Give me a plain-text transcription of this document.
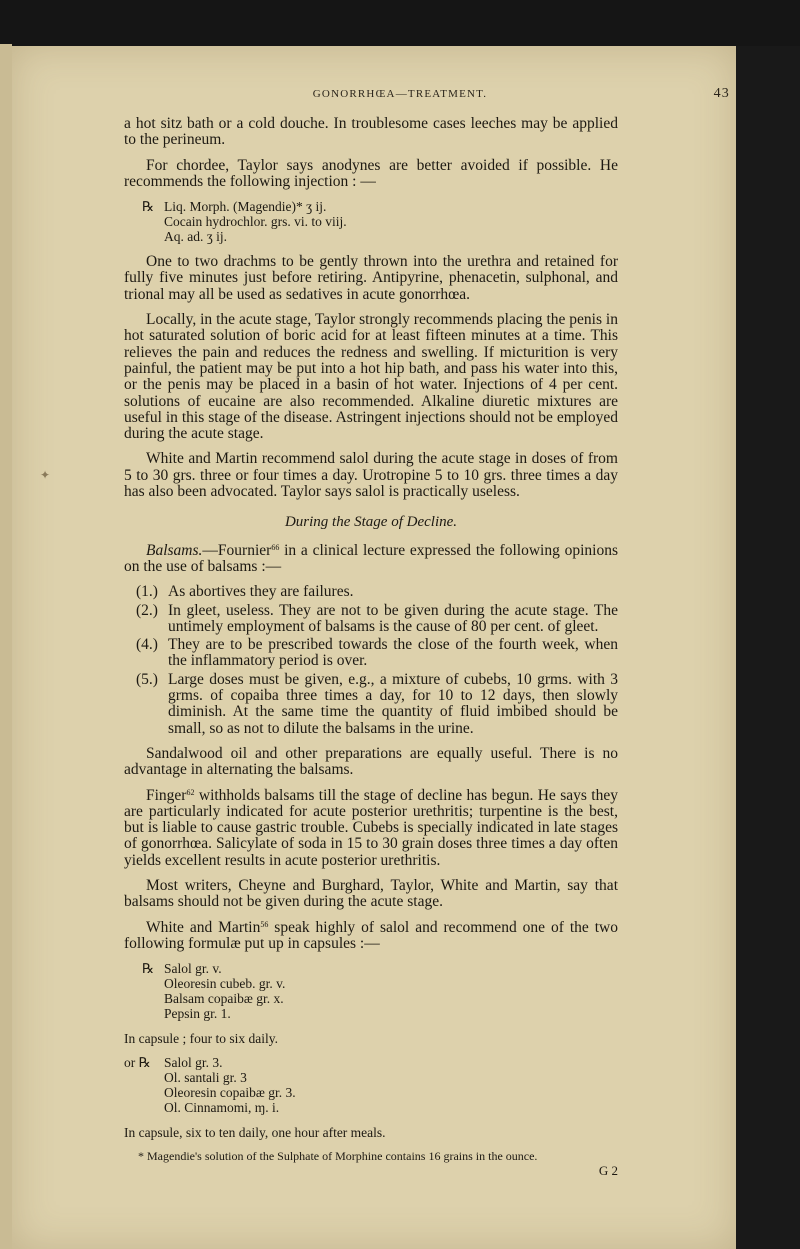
GONORRHŒA—TREATMENT.	43
✦

a hot sitz bath or a cold douche. In troublesome cases leeches may be applied to the perineum.

For chordee, Taylor says anodynes are better avoided if possible. He recommends the following injection : —

℞ Liq. Morph. (Magendie)* ʒ ij.
Cocain hydrochlor. grs. vi. to viij.
Aq. ad. ʒ ij.

One to two drachms to be gently thrown into the urethra and retained for fully five minutes just before retiring. Antipyrine, phenacetin, sulphonal, and trional may all be used as sedatives in acute gonorrhœa.

Locally, in the acute stage, Taylor strongly recommends placing the penis in hot saturated solution of boric acid for at least fifteen minutes at a time. This relieves the pain and reduces the redness and swelling. If micturition is very painful, the patient may be put into a hot hip bath, and pass his water into this, or the penis may be placed in a basin of hot water. Injections of 4 per cent. solutions of eucaine are also recommended. Alkaline diuretic mixtures are useful in this stage of the disease. Astringent injections should not be employed during the acute stage.

White and Martin recommend salol during the acute stage in doses of from 5 to 30 grs. three or four times a day. Urotropine 5 to 10 grs. three times a day has also been advocated. Taylor says salol is practically useless.

During the Stage of Decline.

Balsams.—Fournier$^{66}$ in a clinical lecture expressed the following opinions on the use of balsams :—

(1.) As abortives they are failures.
(2.) In gleet, useless. They are not to be given during the acute stage. The untimely employment of balsams is the cause of 80 per cent. of gleet.
(4.) They are to be prescribed towards the close of the fourth week, when the inflammatory period is over.
(5.) Large doses must be given, e.g., a mixture of cubebs, 10 grms. with 3 grms. of copaiba three times a day, for 10 to 12 days, then slowly diminish. At the same time the quantity of fluid imbibed should be small, so as not to dilute the balsams in the urine.

Sandalwood oil and other preparations are equally useful. There is no advantage in alternating the balsams.

Finger$^{62}$ withholds balsams till the stage of decline has begun. He says they are particularly indicated for acute posterior urethritis; turpentine is the best, but is liable to cause gastric trouble. Cubebs is specially indicated in late stages of gonorrhœa. Salicylate of soda in 15 to 30 grain doses three times a day often yields excellent results in acute posterior urethritis.

Most writers, Cheyne and Burghard, Taylor, White and Martin, say that balsams should not be given during the acute stage.

White and Martin$^{56}$ speak highly of salol and recommend one of the two following formulæ put up in capsules :—

℞ Salol gr. v.
Oleoresin cubeb. gr. v.
Balsam copaibæ gr. x.
Pepsin gr. 1.

In capsule ; four to six daily.

or ℞ Salol gr. 3.
Ol. santali gr. 3
Oleoresin copaibæ gr. 3.
Ol. Cinnamomi, ɱ. i.

In capsule, six to ten daily, one hour after meals.

* Magendie's solution of the Sulphate of Morphine contains 16 grains in the ounce.
G 2
